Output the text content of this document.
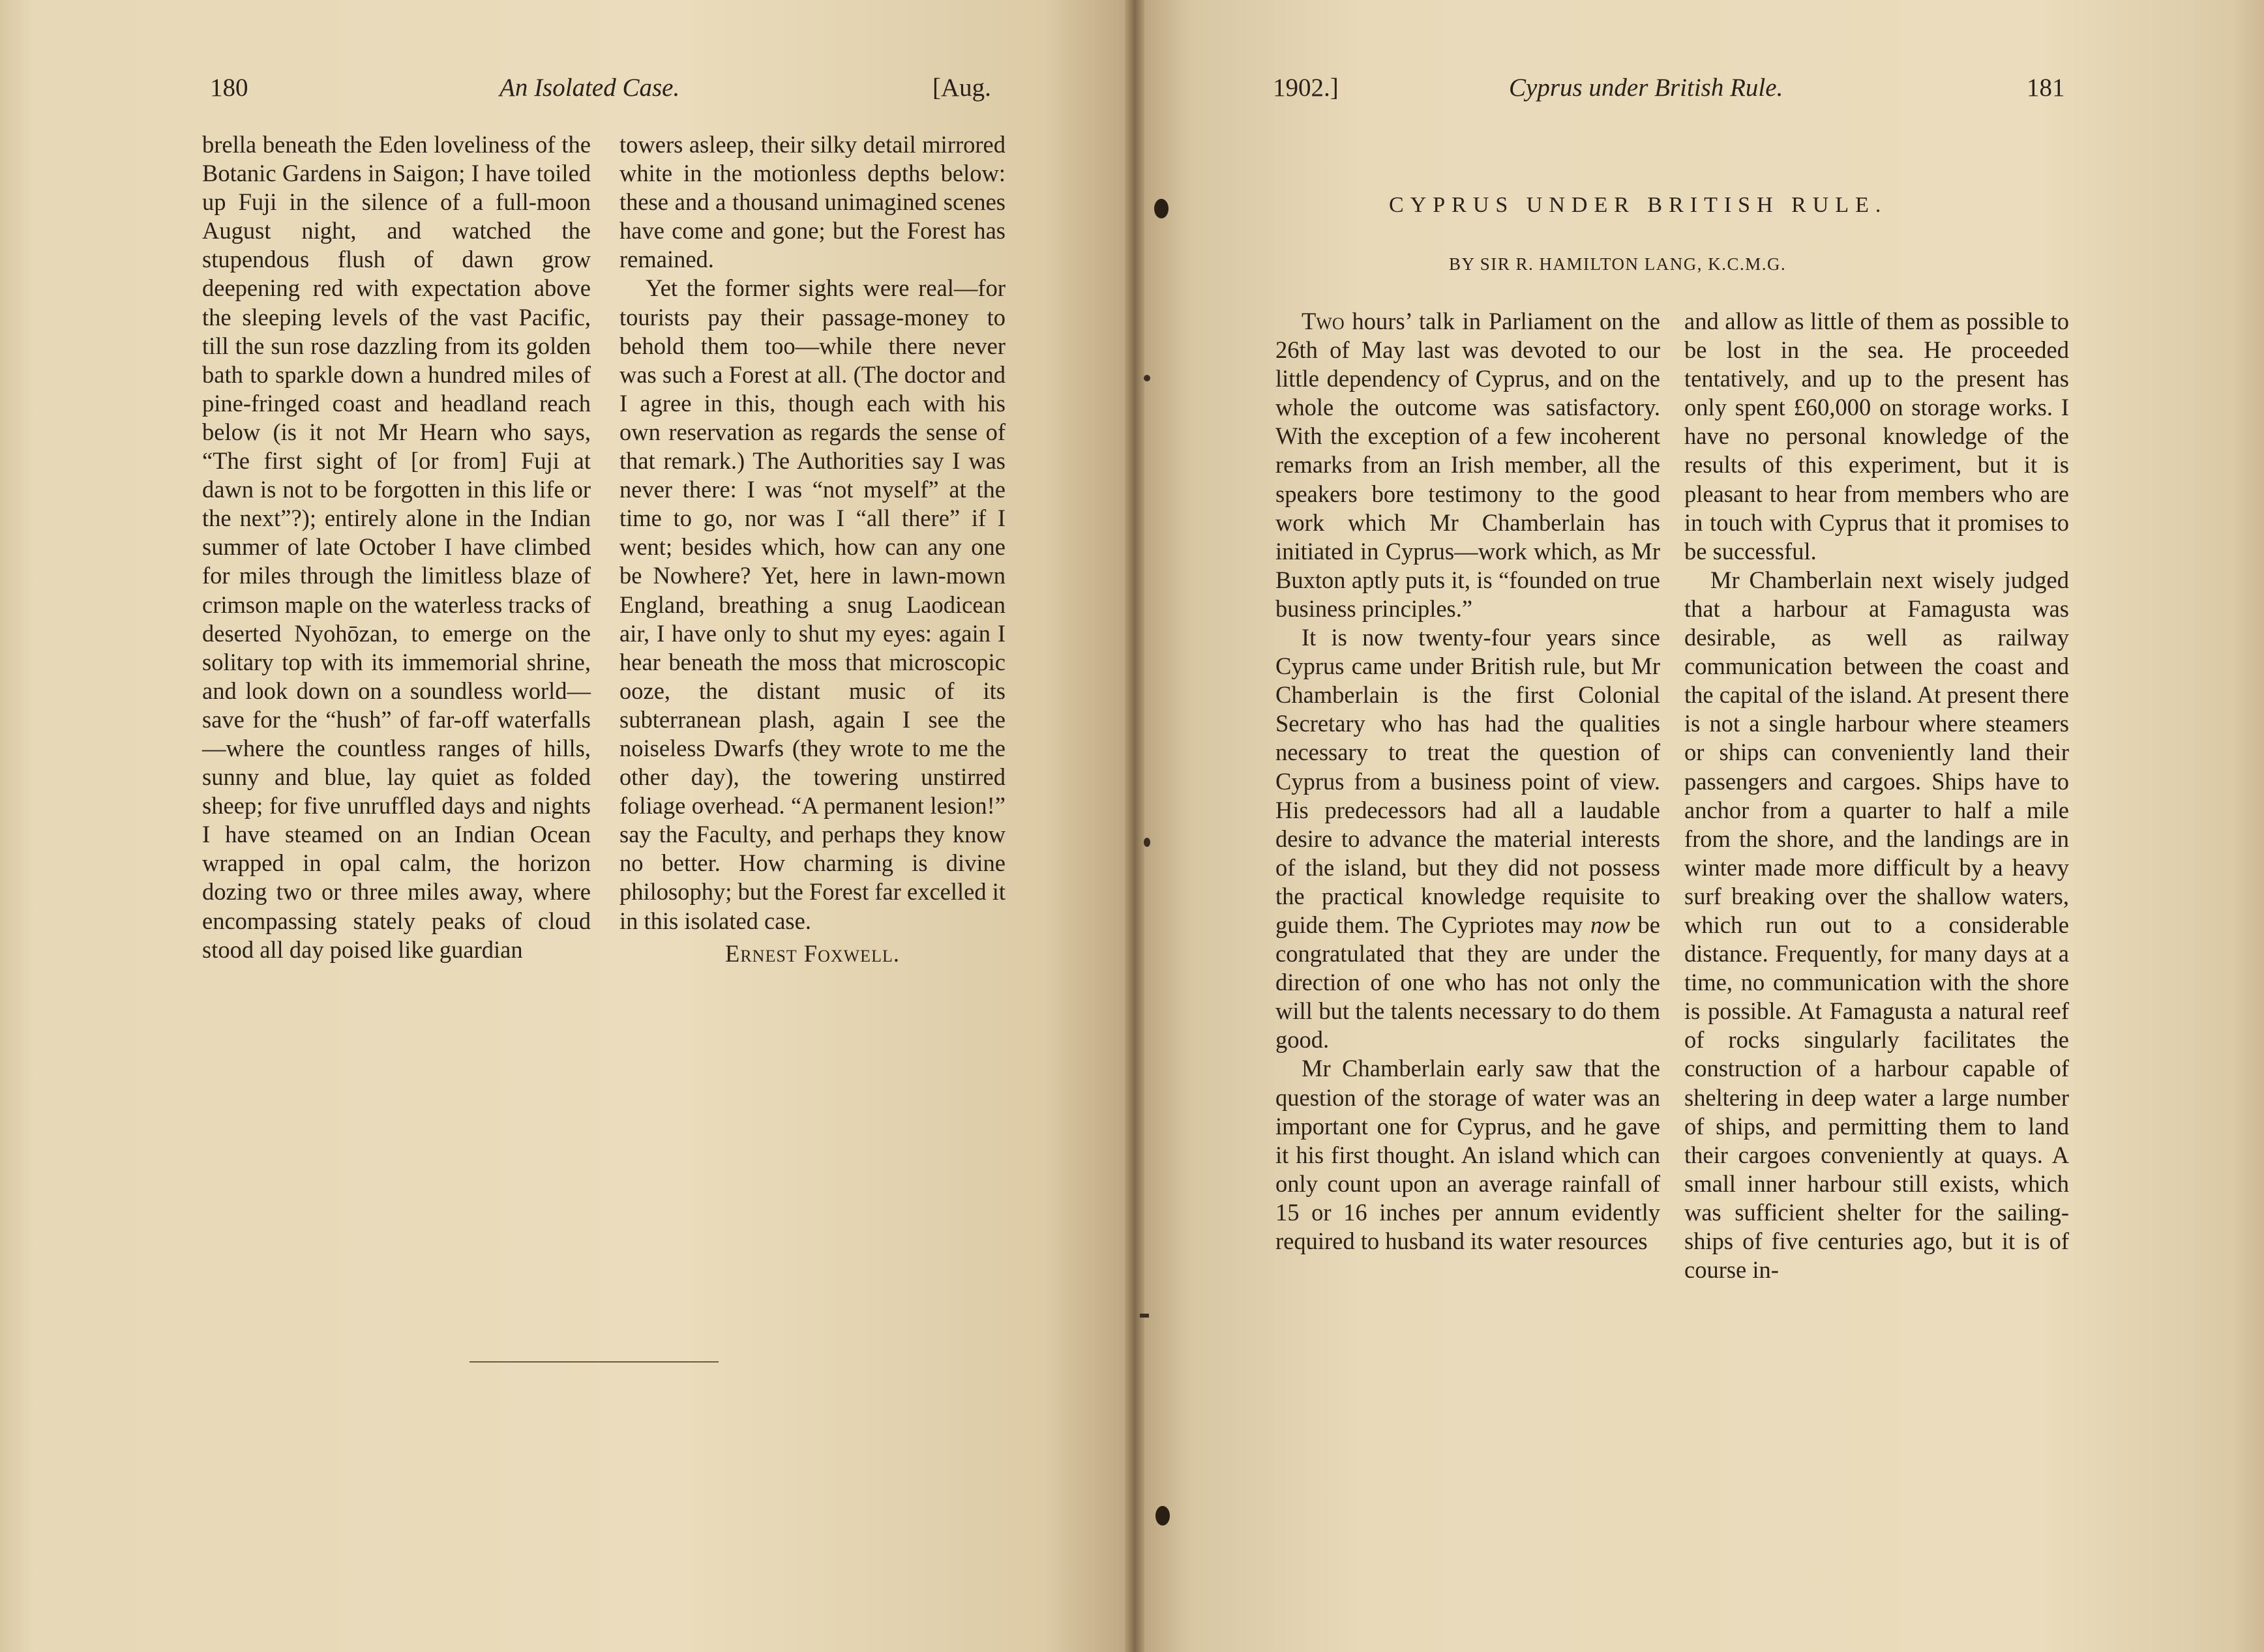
180	An Isolated Case.	[Aug.

brella beneath the Eden loveliness of the Botanic Gardens in Saigon; I have toiled up Fuji in the silence of a full-moon August night, and watched the stupendous flush of dawn grow deepening red with expectation above the sleeping levels of the vast Pacific, till the sun rose dazzling from its golden bath to sparkle down a hundred miles of pine-fringed coast and headland reach below (is it not Mr Hearn who says, “The first sight of [or from] Fuji at dawn is not to be forgotten in this life or the next”?); entirely alone in the Indian summer of late October I have climbed for miles through the limitless blaze of crimson maple on the waterless tracks of deserted Nyohōzan, to emerge on the solitary top with its immemorial shrine, and look down on a soundless world—save for the “hush” of far-off waterfalls —where the countless ranges of hills, sunny and blue, lay quiet as folded sheep; for five unruffled days and nights I have steamed on an Indian Ocean wrapped in opal calm, the horizon dozing two or three miles away, where encompassing stately peaks of cloud stood all day poised like guardian

towers asleep, their silky detail mirrored white in the motionless depths below: these and a thousand unimagined scenes have come and gone; but the Forest has remained.

Yet the former sights were real—for tourists pay their passage-money to behold them too—while there never was such a Forest at all. (The doctor and I agree in this, though each with his own reservation as regards the sense of that remark.) The Authorities say I was never there: I was “not myself” at the time to go, nor was I “all there” if I went; besides which, how can any one be Nowhere? Yet, here in lawn-mown England, breathing a snug Laodicean air, I have only to shut my eyes: again I hear beneath the moss that microscopic ooze, the distant music of its subterranean plash, again I see the noiseless Dwarfs (they wrote to me the other day), the towering unstirred foliage overhead. “A permanent lesion!” say the Faculty, and perhaps they know no better. How charming is divine philosophy; but the Forest far excelled it in this isolated case.

Ernest Foxwell.

1902.]	Cyprus under British Rule.	181
CYPRUS UNDER BRITISH RULE.
BY SIR R. HAMILTON LANG, K.C.M.G.

Two hours’ talk in Parliament on the 26th of May last was devoted to our little dependency of Cyprus, and on the whole the outcome was satisfactory. With the exception of a few incoherent remarks from an Irish member, all the speakers bore testimony to the good work which Mr Chamberlain has initiated in Cyprus—work which, as Mr Buxton aptly puts it, is “founded on true business principles.”

It is now twenty-four years since Cyprus came under British rule, but Mr Chamberlain is the first Colonial Secretary who has had the qualities necessary to treat the question of Cyprus from a business point of view. His predecessors had all a laudable desire to advance the material interests of the island, but they did not possess the practical knowledge requisite to guide them. The Cypriotes may now be congratulated that they are under the direction of one who has not only the will but the talents necessary to do them good.

Mr Chamberlain early saw that the question of the storage of water was an important one for Cyprus, and he gave it his first thought. An island which can only count upon an average rainfall of 15 or 16 inches per annum evidently required to husband its water resources

and allow as little of them as possible to be lost in the sea. He proceeded tentatively, and up to the present has only spent £60,000 on storage works. I have no personal knowledge of the results of this experiment, but it is pleasant to hear from members who are in touch with Cyprus that it promises to be successful.

Mr Chamberlain next wisely judged that a harbour at Famagusta was desirable, as well as railway communication between the coast and the capital of the island. At present there is not a single harbour where steamers or ships can conveniently land their passengers and cargoes. Ships have to anchor from a quarter to half a mile from the shore, and the landings are in winter made more difficult by a heavy surf breaking over the shallow waters, which run out to a considerable distance. Frequently, for many days at a time, no communication with the shore is possible. At Famagusta a natural reef of rocks singularly facilitates the construction of a harbour capable of sheltering in deep water a large number of ships, and permitting them to land their cargoes conveniently at quays. A small inner harbour still exists, which was sufficient shelter for the sailing-ships of five centuries ago, but it is of course in-
